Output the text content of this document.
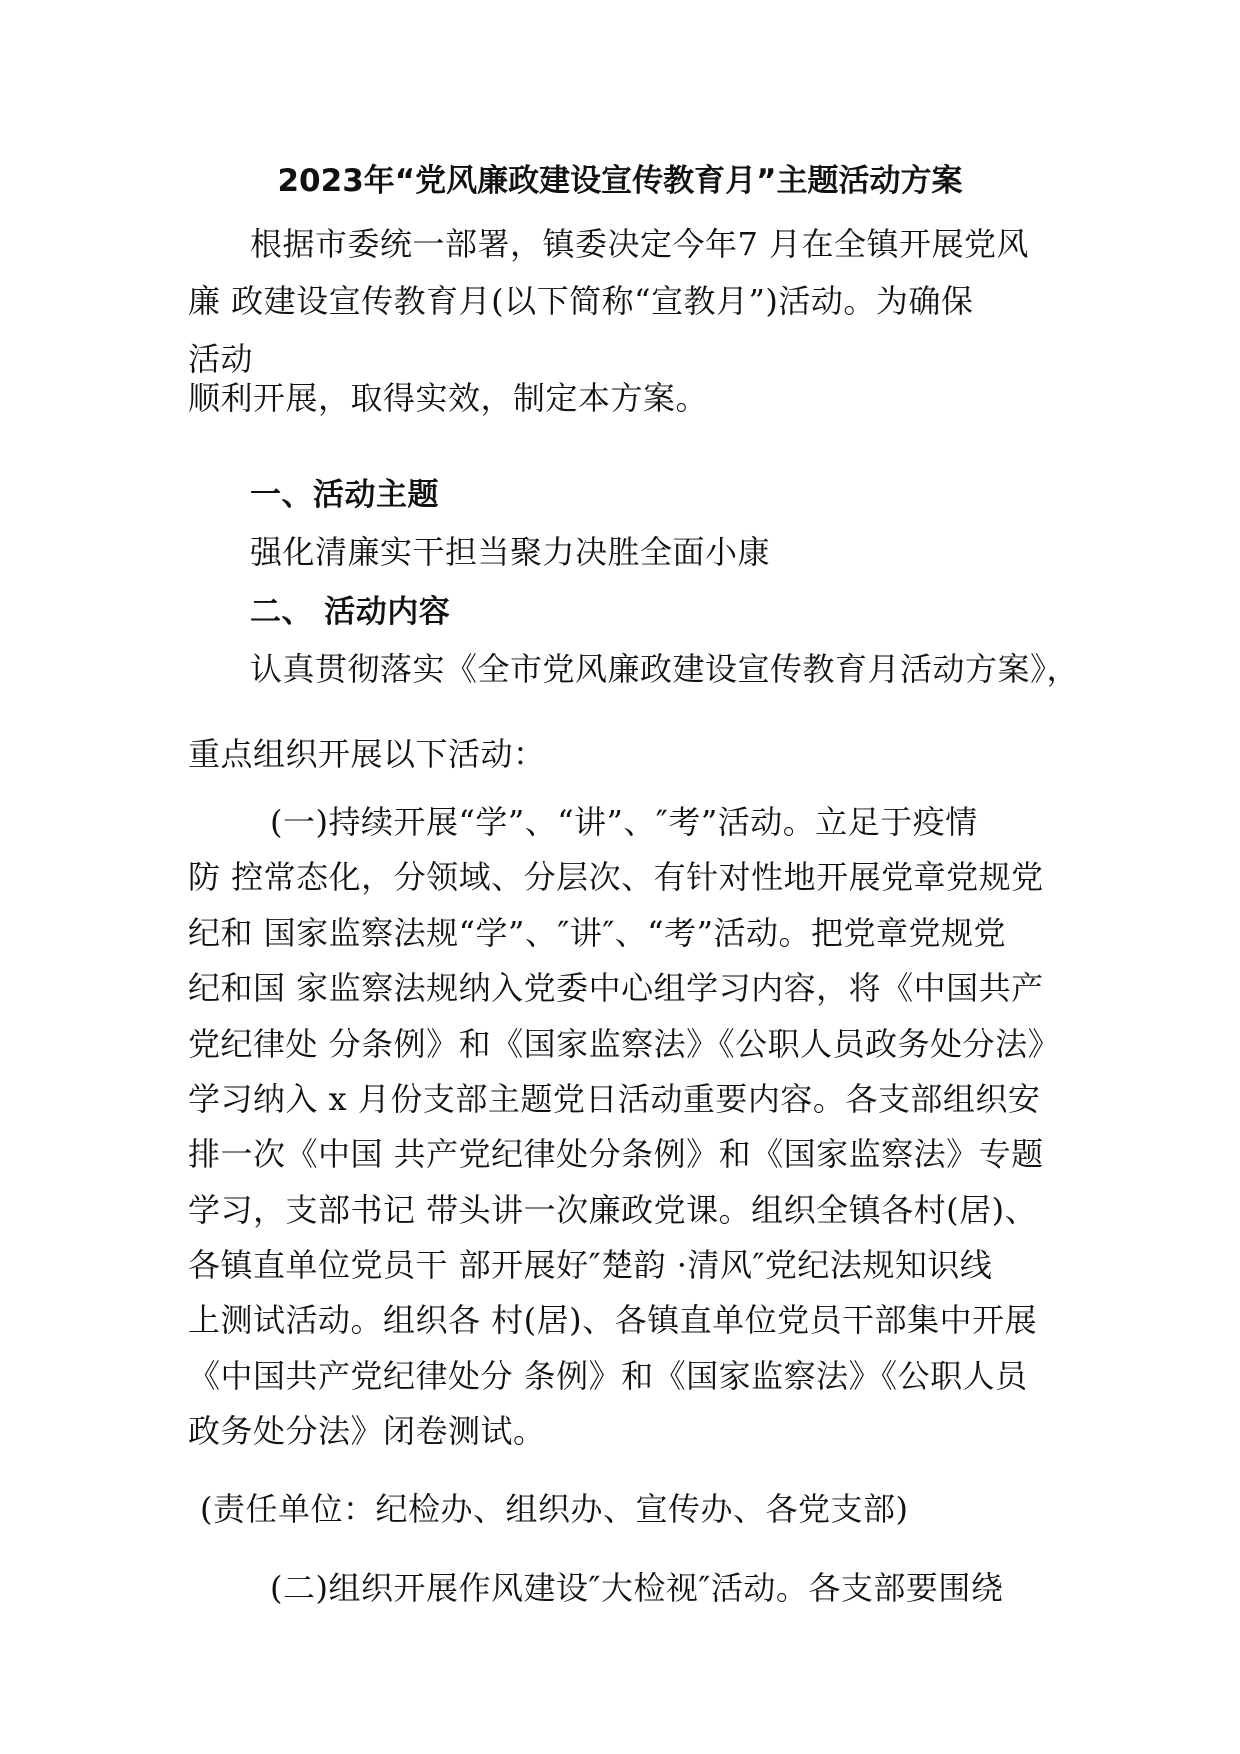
2023年“党风廉政建设宣传教育月”主题活动方案
根据市委统一部署，镇委决定今年7 月在全镇开展党风
廉 政建设宣传教育月(以下简称“宣教月”)活动。为确保
活动
顺利开展，取得实效，制定本方案。
一、活动主题
强化清廉实干担当聚力决胜全面小康
二、 活动内容
认真贯彻落实《全市党风廉政建设宣传教育月活动方案》，
重点组织开展以下活动：
(一)持续开展“学”、“讲”、″考”活动。立足于疫情
防 控常态化，分领域、分层次、有针对性地开展党章党规党
纪和 国家监察法规“学”、″讲″、“考”活动。把党章党规党
纪和国 家监察法规纳入党委中心组学习内容，将《中国共产
党纪律处 分条例》和《国家监察法》《公职人员政务处分法》
学习纳入 x 月份支部主题党日活动重要内容。各支部组织安
排一次《中国 共产党纪律处分条例》和《国家监察法》专题
学习，支部书记 带头讲一次廉政党课。组织全镇各村(居)、
各镇直单位党员干 部开展好″楚韵 ·清风″党纪法规知识线
上测试活动。组织各 村(居)、各镇直单位党员干部集中开展
《中国共产党纪律处分 条例》和《国家监察法》《公职人员
政务处分法》闭卷测试。
(责任单位：纪检办、组织办、宣传办、各党支部)
(二)组织开展作风建设″大检视″活动。各支部要围绕
